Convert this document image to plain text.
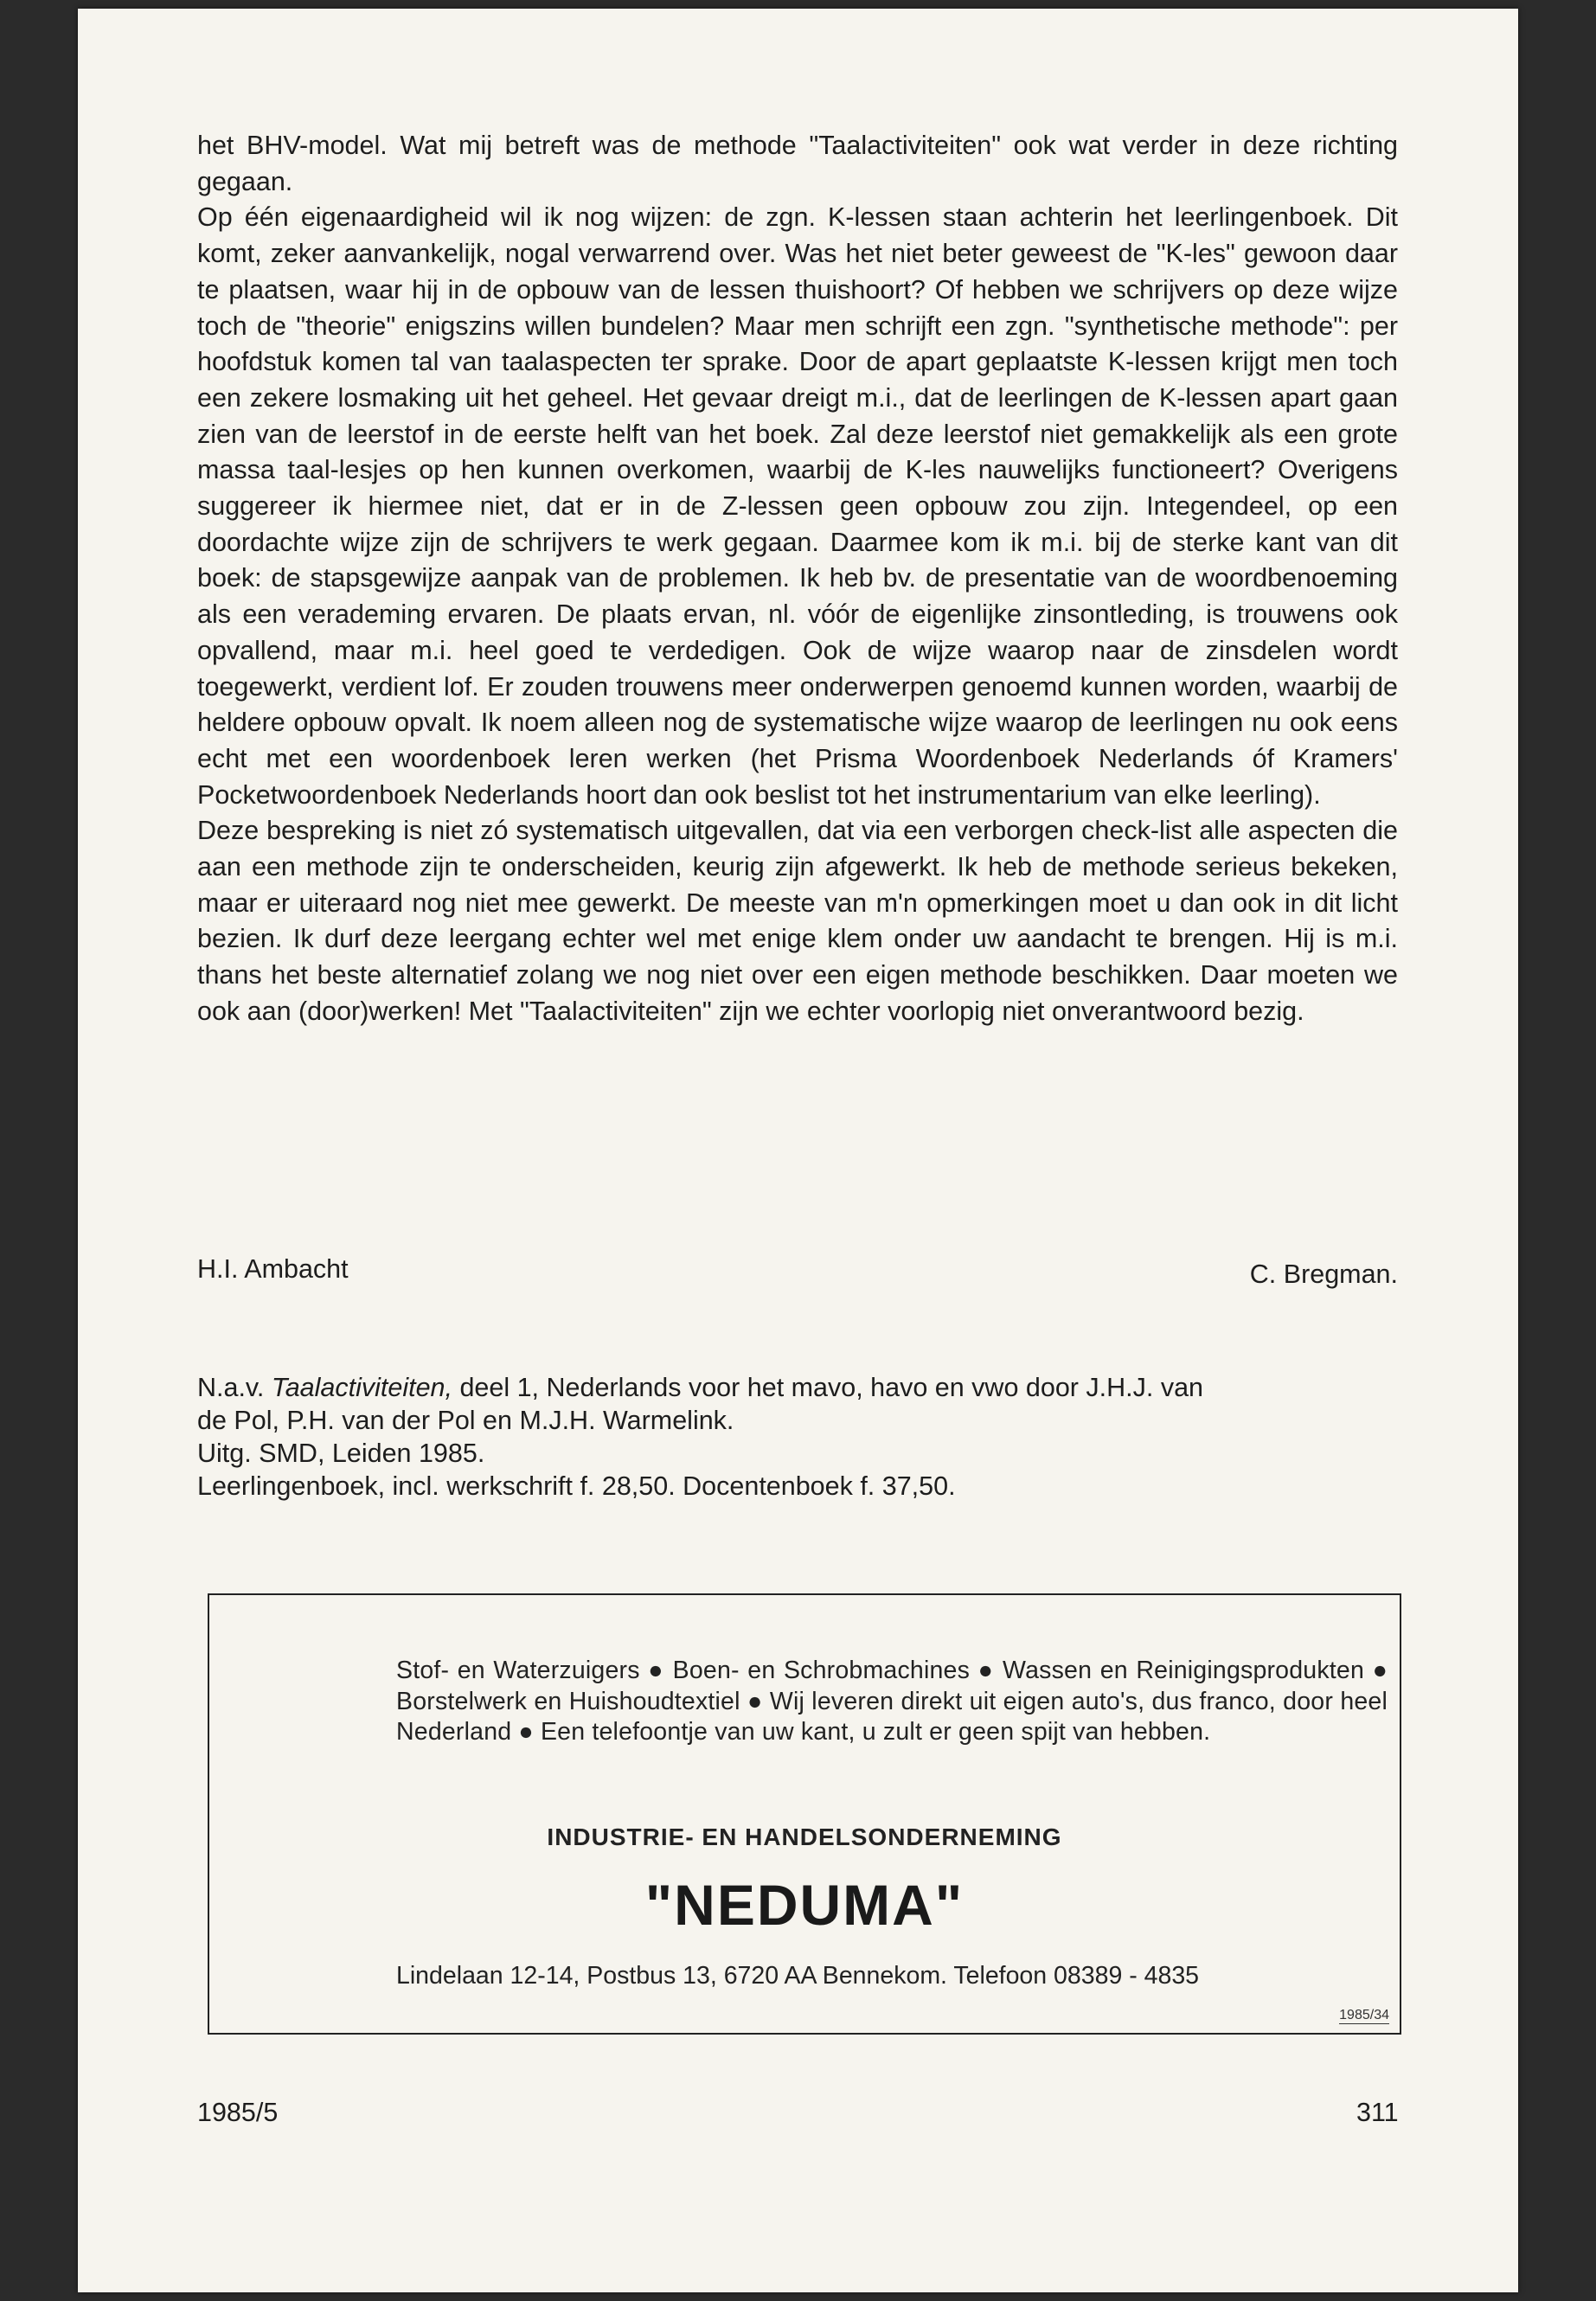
het BHV-model. Wat mij betreft was de methode "Taalactiviteiten" ook wat verder in deze richting gegaan.

Op één eigenaardigheid wil ik nog wijzen: de zgn. K-lessen staan achterin het leerlingenboek. Dit komt, zeker aanvankelijk, nogal verwarrend over. Was het niet beter geweest de "K-les" gewoon daar te plaatsen, waar hij in de opbouw van de lessen thuishoort? Of hebben we schrijvers op deze wijze toch de "theorie" enigszins willen bundelen? Maar men schrijft een zgn. "synthetische methode": per hoofdstuk komen tal van taalaspecten ter sprake. Door de apart geplaatste K-lessen krijgt men toch een zekere losmaking uit het geheel. Het gevaar dreigt m.i., dat de leerlingen de K-lessen apart gaan zien van de leerstof in de eerste helft van het boek. Zal deze leerstof niet gemakkelijk als een grote massa taal-lesjes op hen kunnen overkomen, waarbij de K-les nauwelijks functioneert? Overigens suggereer ik hiermee niet, dat er in de Z-lessen geen opbouw zou zijn. Integendeel, op een doordachte wijze zijn de schrijvers te werk gegaan. Daarmee kom ik m.i. bij de sterke kant van dit boek: de stapsgewijze aanpak van de problemen. Ik heb bv. de presentatie van de woordbenoeming als een verademing ervaren. De plaats ervan, nl. vóór de eigenlijke zinsontleding, is trouwens ook opvallend, maar m.i. heel goed te verdedigen. Ook de wijze waarop naar de zinsdelen wordt toegewerkt, verdient lof. Er zouden trouwens meer onderwerpen genoemd kunnen worden, waarbij de heldere opbouw opvalt. Ik noem alleen nog de systematische wijze waarop de leerlingen nu ook eens echt met een woordenboek leren werken (het Prisma Woordenboek Nederlands óf Kramers' Pocketwoordenboek Nederlands hoort dan ook beslist tot het instrumentarium van elke leerling).

Deze bespreking is niet zó systematisch uitgevallen, dat via een verborgen check-list alle aspecten die aan een methode zijn te onderscheiden, keurig zijn afgewerkt. Ik heb de methode serieus bekeken, maar er uiteraard nog niet mee gewerkt. De meeste van m'n opmerkingen moet u dan ook in dit licht bezien. Ik durf deze leergang echter wel met enige klem onder uw aandacht te brengen. Hij is m.i. thans het beste alternatief zolang we nog niet over een eigen methode beschikken. Daar moeten we ook aan (door)werken! Met "Taalactiviteiten" zijn we echter voorlopig niet onverantwoord bezig.

H.I. Ambacht	C. Bregman.
N.a.v. Taalactiviteiten, deel 1, Nederlands voor het mavo, havo en vwo door J.H.J. van
de Pol, P.H. van der Pol en M.J.H. Warmelink.
Uitg. SMD, Leiden 1985.
Leerlingenboek, incl. werkschrift f. 28,50. Docentenboek f. 37,50.
Stof- en Waterzuigers ● Boen- en Schrobmachines ● Wassen en Reinigingsprodukten ● Borstelwerk en Huishoudtextiel ● Wij leveren direkt uit eigen auto's, dus franco, door heel Nederland ● Een telefoontje van uw kant, u zult er geen spijt van hebben.
INDUSTRIE- EN HANDELSONDERNEMING
"NEDUMA"
Lindelaan 12-14, Postbus 13, 6720 AA Bennekom. Telefoon 08389 - 4835
1985/34
1985/5	311
